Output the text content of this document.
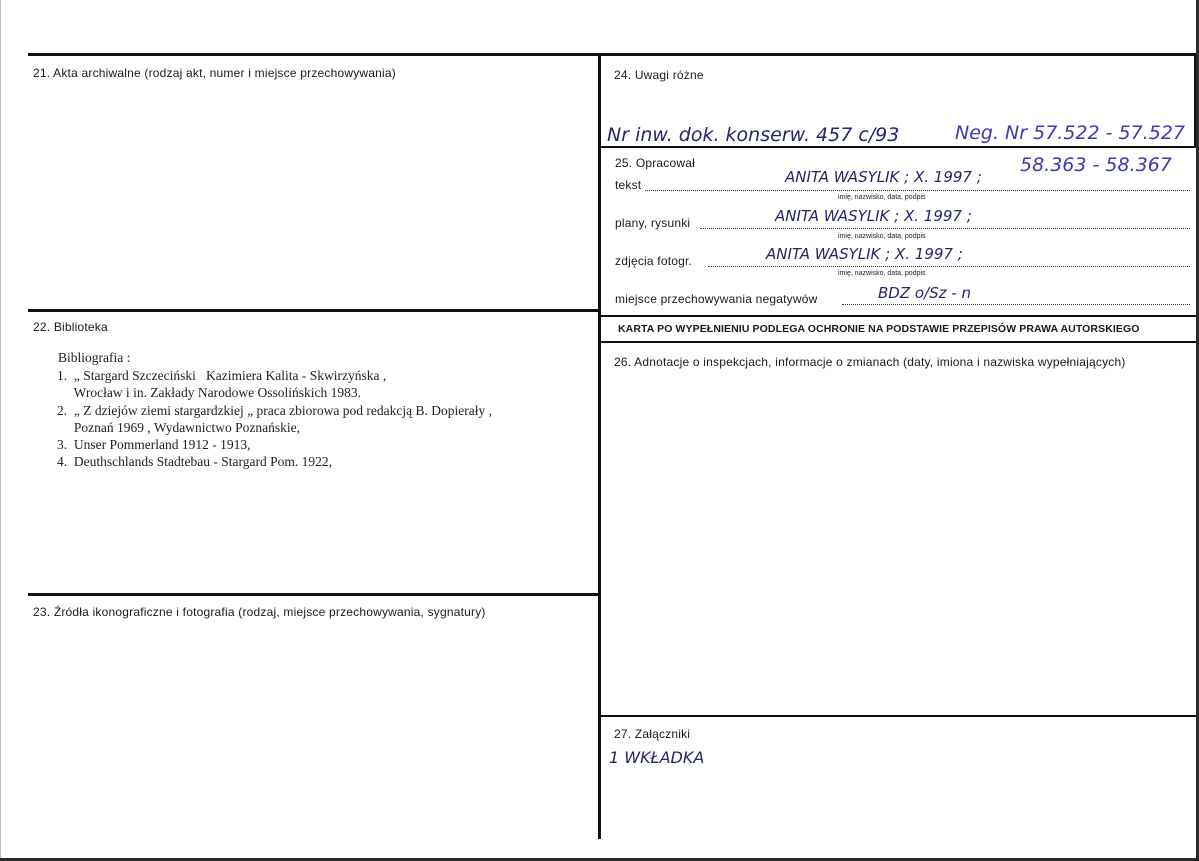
21. Akta archiwalne (rodzaj akt, numer i miejsce przechowywania)
22. Biblioteka
Bibliografia :
1.  „ Stargard Szczeciński   Kazimiera Kalita - Skwirzyńska ,
Wrocław i in. Zakłady Narodowe Ossolińskich 1983.
2.  „ Z dziejów ziemi stargardzkiej „ praca zbiorowa pod redakcją B. Dopierały ,
Poznań 1969 , Wydawnictwo Poznańskie,
3.  Unser Pommerland 1912 - 1913,
4.  Deuthschlands Stadtebau - Stargard Pom. 1922,
23. Źródła ikonograficzne i fotografia (rodzaj, miejsce przechowywania, sygnatury)
24. Uwagi różne
Nr inw. dok. konserw. 457 c/93	Neg. Nr 57.522 - 57.527
58.363 - 58.367
25. Opracował
tekst	ANITA WASYLIK ; X. 1997 ;
imię, nazwisko, data, podpis
plany, rysunki	ANITA WASYLIK ; X. 1997 ;
imię, nazwisko, data, podpis
zdjęcia fotogr.	ANITA WASYLIK ; X. 1997 ;
imię, nazwisko, data, podpis
miejsce przechowywania negatywów	BDZ o/Sz - n
KARTA PO WYPEŁNIENIU PODLEGA OCHRONIE NA PODSTAWIE PRZEPISÓW PRAWA AUTORSKIEGO
26. Adnotacje o inspekcjach, informacje o zmianach (daty, imiona i nazwiska wypełniających)
27. Załączniki
1 WKŁADKA
